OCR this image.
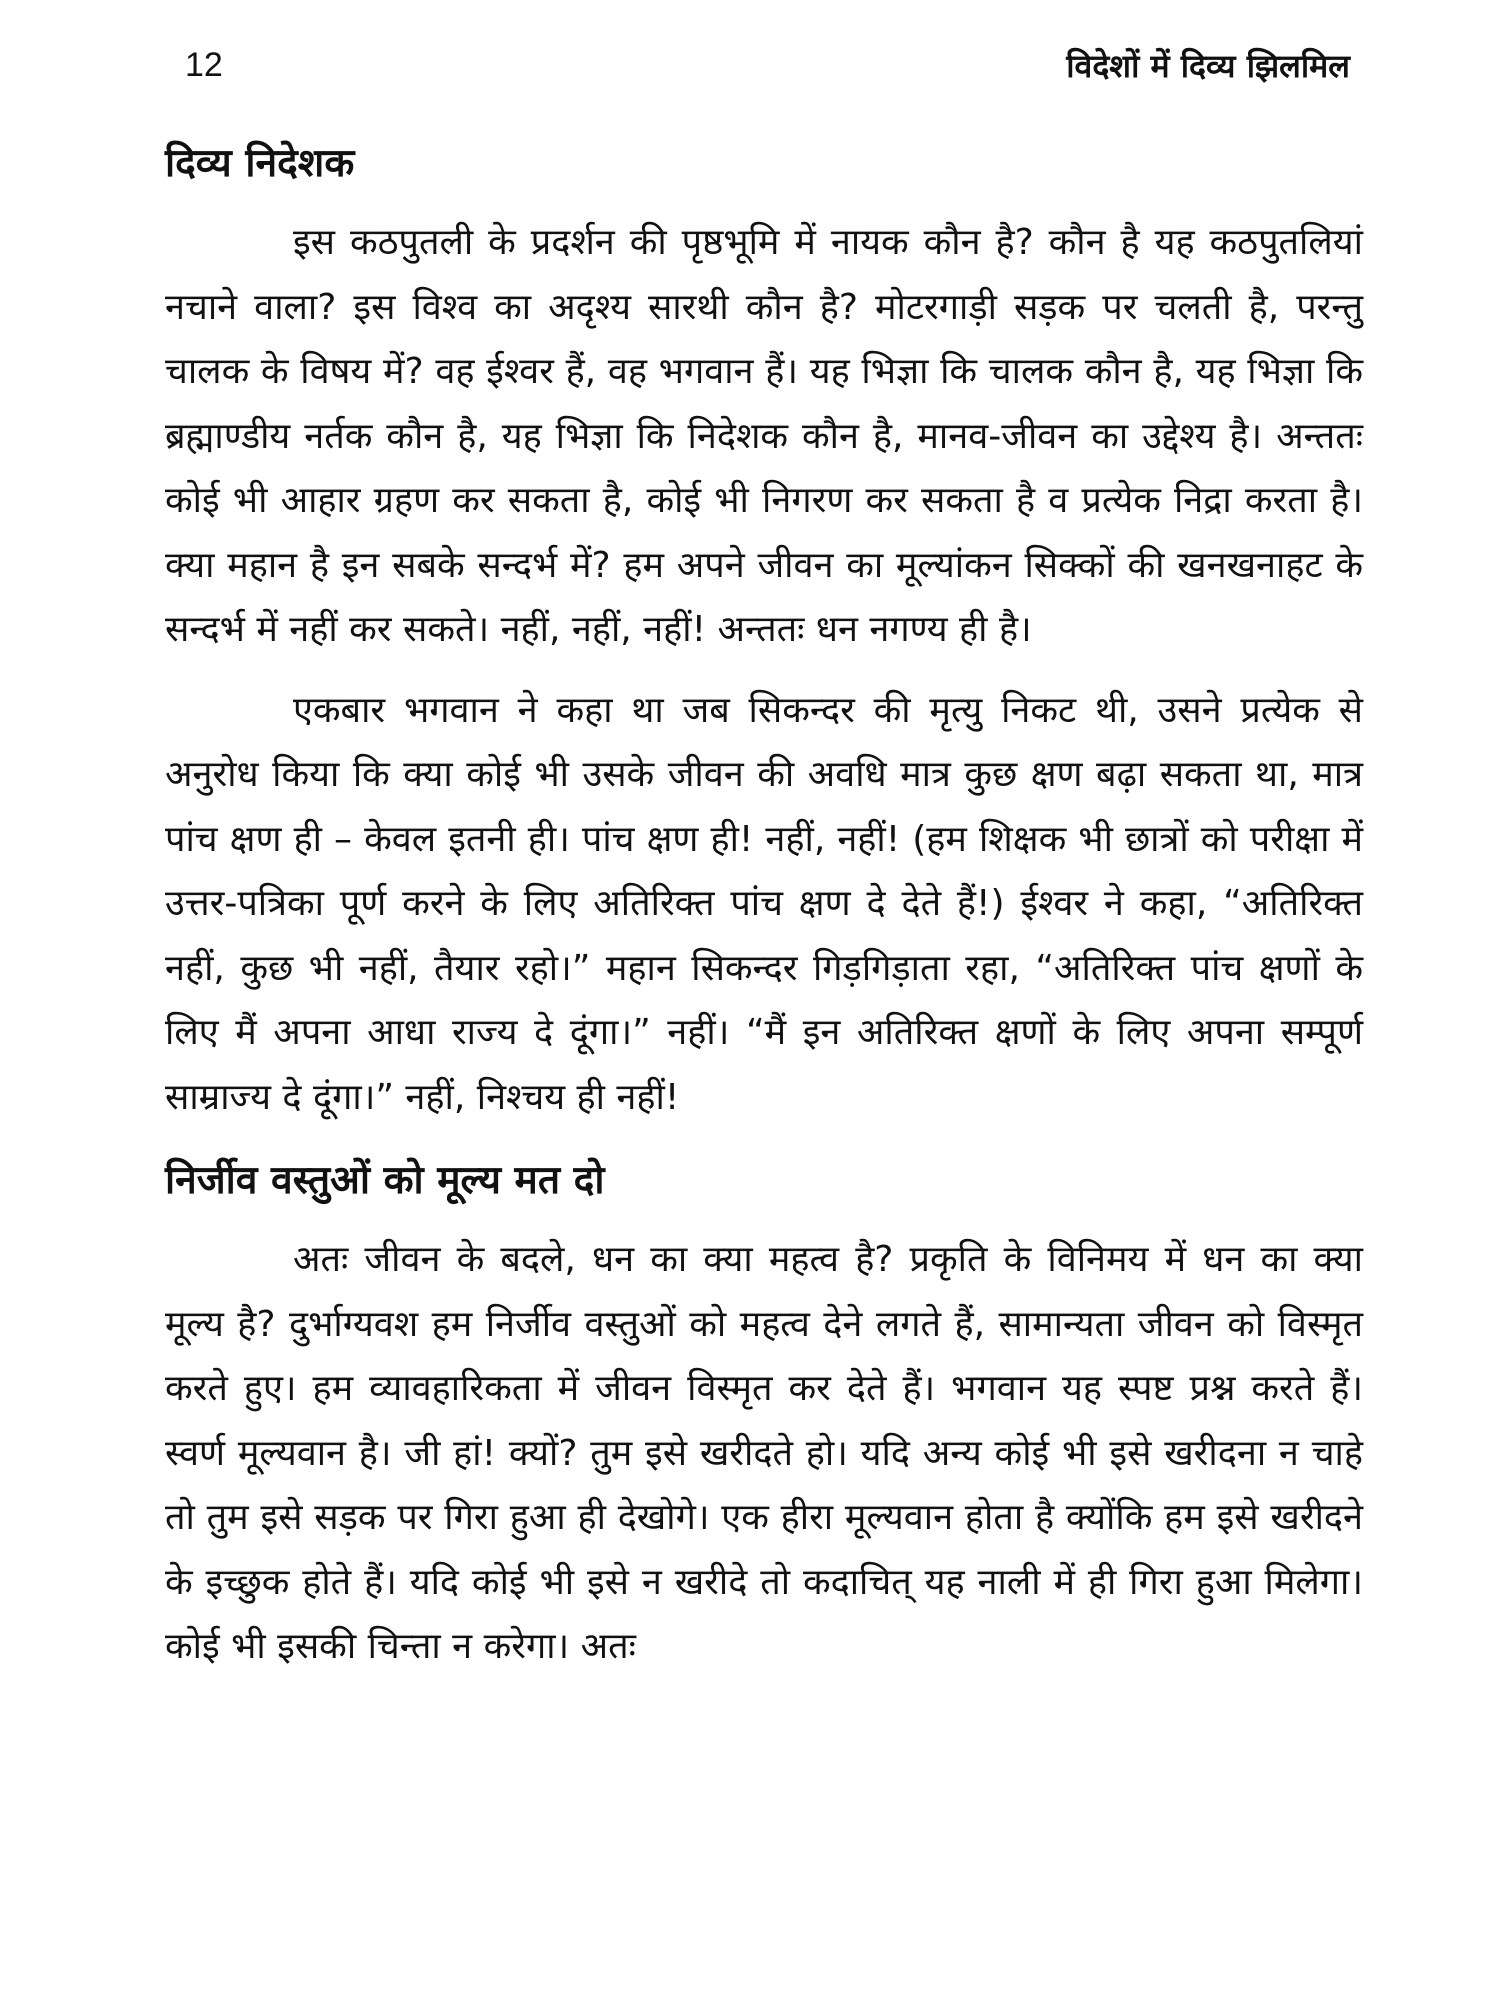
12	विदेशों में दिव्य झिलमिल
दिव्य निदेशक

इस कठपुतली के प्रदर्शन की पृष्ठभूमि में नायक कौन है? कौन है यह कठपुतलियां नचाने वाला? इस विश्व का अदृश्य सारथी कौन है? मोटरगाड़ी सड़क पर चलती है, परन्तु चालक के विषय में? वह ईश्वर हैं, वह भगवान हैं। यह भिज्ञा कि चालक कौन है, यह भिज्ञा कि ब्रह्माण्डीय नर्तक कौन है, यह भिज्ञा कि निदेशक कौन है, मानव-जीवन का उद्देश्य है। अन्ततः कोई भी आहार ग्रहण कर सकता है, कोई भी निगरण कर सकता है व प्रत्येक निद्रा करता है। क्या महान है इन सबके सन्दर्भ में? हम अपने जीवन का मूल्यांकन सिक्कों की खनखनाहट के सन्दर्भ में नहीं कर सकते। नहीं, नहीं, नहीं! अन्ततः धन नगण्य ही है।

एकबार भगवान ने कहा था जब सिकन्दर की मृत्यु निकट थी, उसने प्रत्येक से अनुरोध किया कि क्या कोई भी उसके जीवन की अवधि मात्र कुछ क्षण बढ़ा सकता था, मात्र पांच क्षण ही – केवल इतनी ही। पांच क्षण ही! नहीं, नहीं! (हम शिक्षक भी छात्रों को परीक्षा में उत्तर-पत्रिका पूर्ण करने के लिए अतिरिक्त पांच क्षण दे देते हैं!) ईश्वर ने कहा, “अतिरिक्त नहीं, कुछ भी नहीं, तैयार रहो।” महान सिकन्दर गिड़गिड़ाता रहा, “अतिरिक्त पांच क्षणों के लिए मैं अपना आधा राज्य दे दूंगा।” नहीं। “मैं इन अतिरिक्त क्षणों के लिए अपना सम्पूर्ण साम्राज्य दे दूंगा।” नहीं, निश्चय ही नहीं!

निर्जीव वस्तुओं को मूल्य मत दो

अतः जीवन के बदले, धन का क्या महत्व है? प्रकृति के विनिमय में धन का क्या मूल्य है? दुर्भाग्यवश हम निर्जीव वस्तुओं को महत्व देने लगते हैं, सामान्यता जीवन को विस्मृत करते हुए। हम व्यावहारिकता में जीवन विस्मृत कर देते हैं। भगवान यह स्पष्ट प्रश्न करते हैं। स्वर्ण मूल्यवान है। जी हां! क्यों? तुम इसे खरीदते हो। यदि अन्य कोई भी इसे खरीदना न चाहे तो तुम इसे सड़क पर गिरा हुआ ही देखोगे। एक हीरा मूल्यवान होता है क्योंकि हम इसे खरीदने के इच्छुक होते हैं। यदि कोई भी इसे न खरीदे तो कदाचित् यह नाली में ही गिरा हुआ मिलेगा। कोई भी इसकी चिन्ता न करेगा। अतः
